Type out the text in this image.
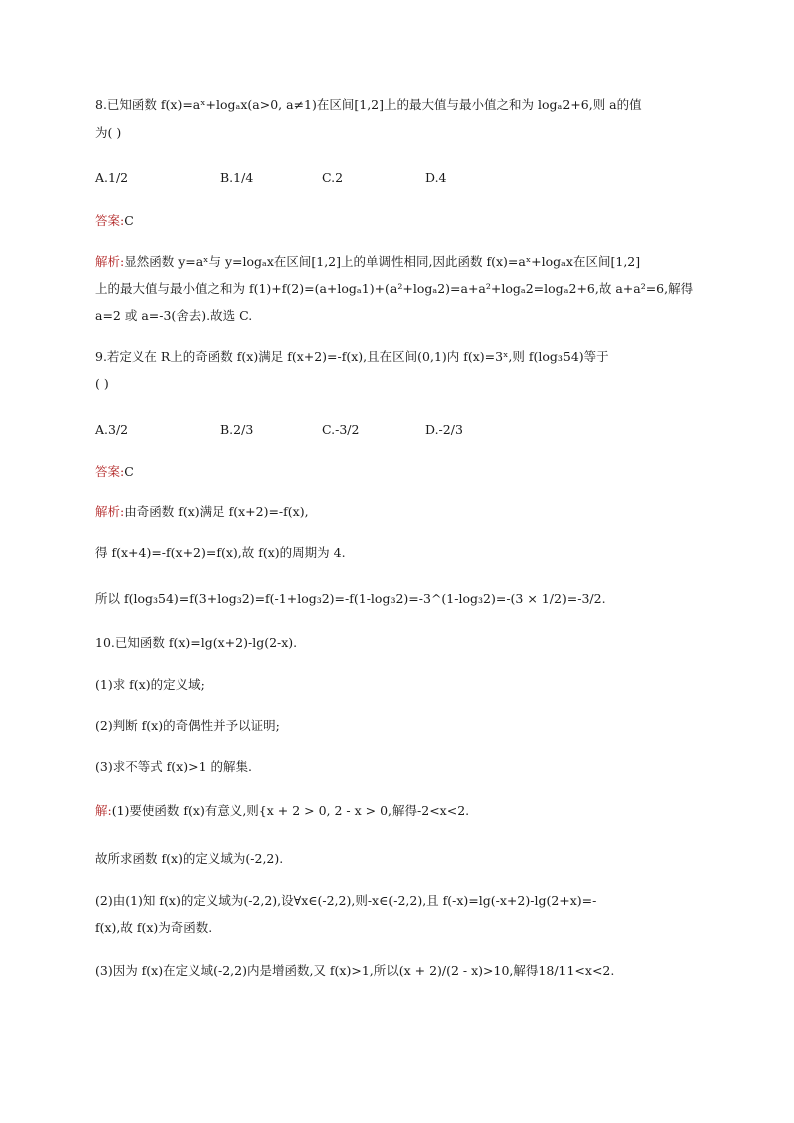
8.已知函数 f(x)=aˣ+logₐx(a>0, a≠1)在区间[1,2]上的最大值与最小值之和为 logₐ2+6,则 a的值
为( )
A.1/2	B.1/4	C.2	D.4
答案:C
解析:显然函数 y=aˣ与 y=logₐx在区间[1,2]上的单调性相同,因此函数 f(x)=aˣ+logₐx在区间[1,2]
上的最大值与最小值之和为 f(1)+f(2)=(a+logₐ1)+(a²+logₐ2)=a+a²+logₐ2=logₐ2+6,故 a+a²=6,解得
a=2 或 a=-3(舍去).故选 C.
9.若定义在 R上的奇函数 f(x)满足 f(x+2)=-f(x),且在区间(0,1)内 f(x)=3ˣ,则 f(log₃54)等于
( )
A.3/2	B.2/3	C.-3/2	D.-2/3
答案:C
解析:由奇函数 f(x)满足 f(x+2)=-f(x),
得 f(x+4)=-f(x+2)=f(x),故 f(x)的周期为 4.
所以 f(log₃54)=f(3+log₃2)=f(-1+log₃2)=-f(1-log₃2)=-3^(1-log₃2)=-(3 × 1/2)=-3/2.
10.已知函数 f(x)=lg(x+2)-lg(2-x).
(1)求 f(x)的定义域;
(2)判断 f(x)的奇偶性并予以证明;
(3)求不等式 f(x)>1 的解集.
解:(1)要使函数 f(x)有意义,则{x + 2 > 0, 2 - x > 0,解得-2<x<2.
故所求函数 f(x)的定义域为(-2,2).
(2)由(1)知 f(x)的定义域为(-2,2),设∀x∈(-2,2),则-x∈(-2,2),且 f(-x)=lg(-x+2)-lg(2+x)=-
f(x),故 f(x)为奇函数.
(3)因为 f(x)在定义域(-2,2)内是增函数,又 f(x)>1,所以(x + 2)/(2 - x)>10,解得18/11<x<2.
